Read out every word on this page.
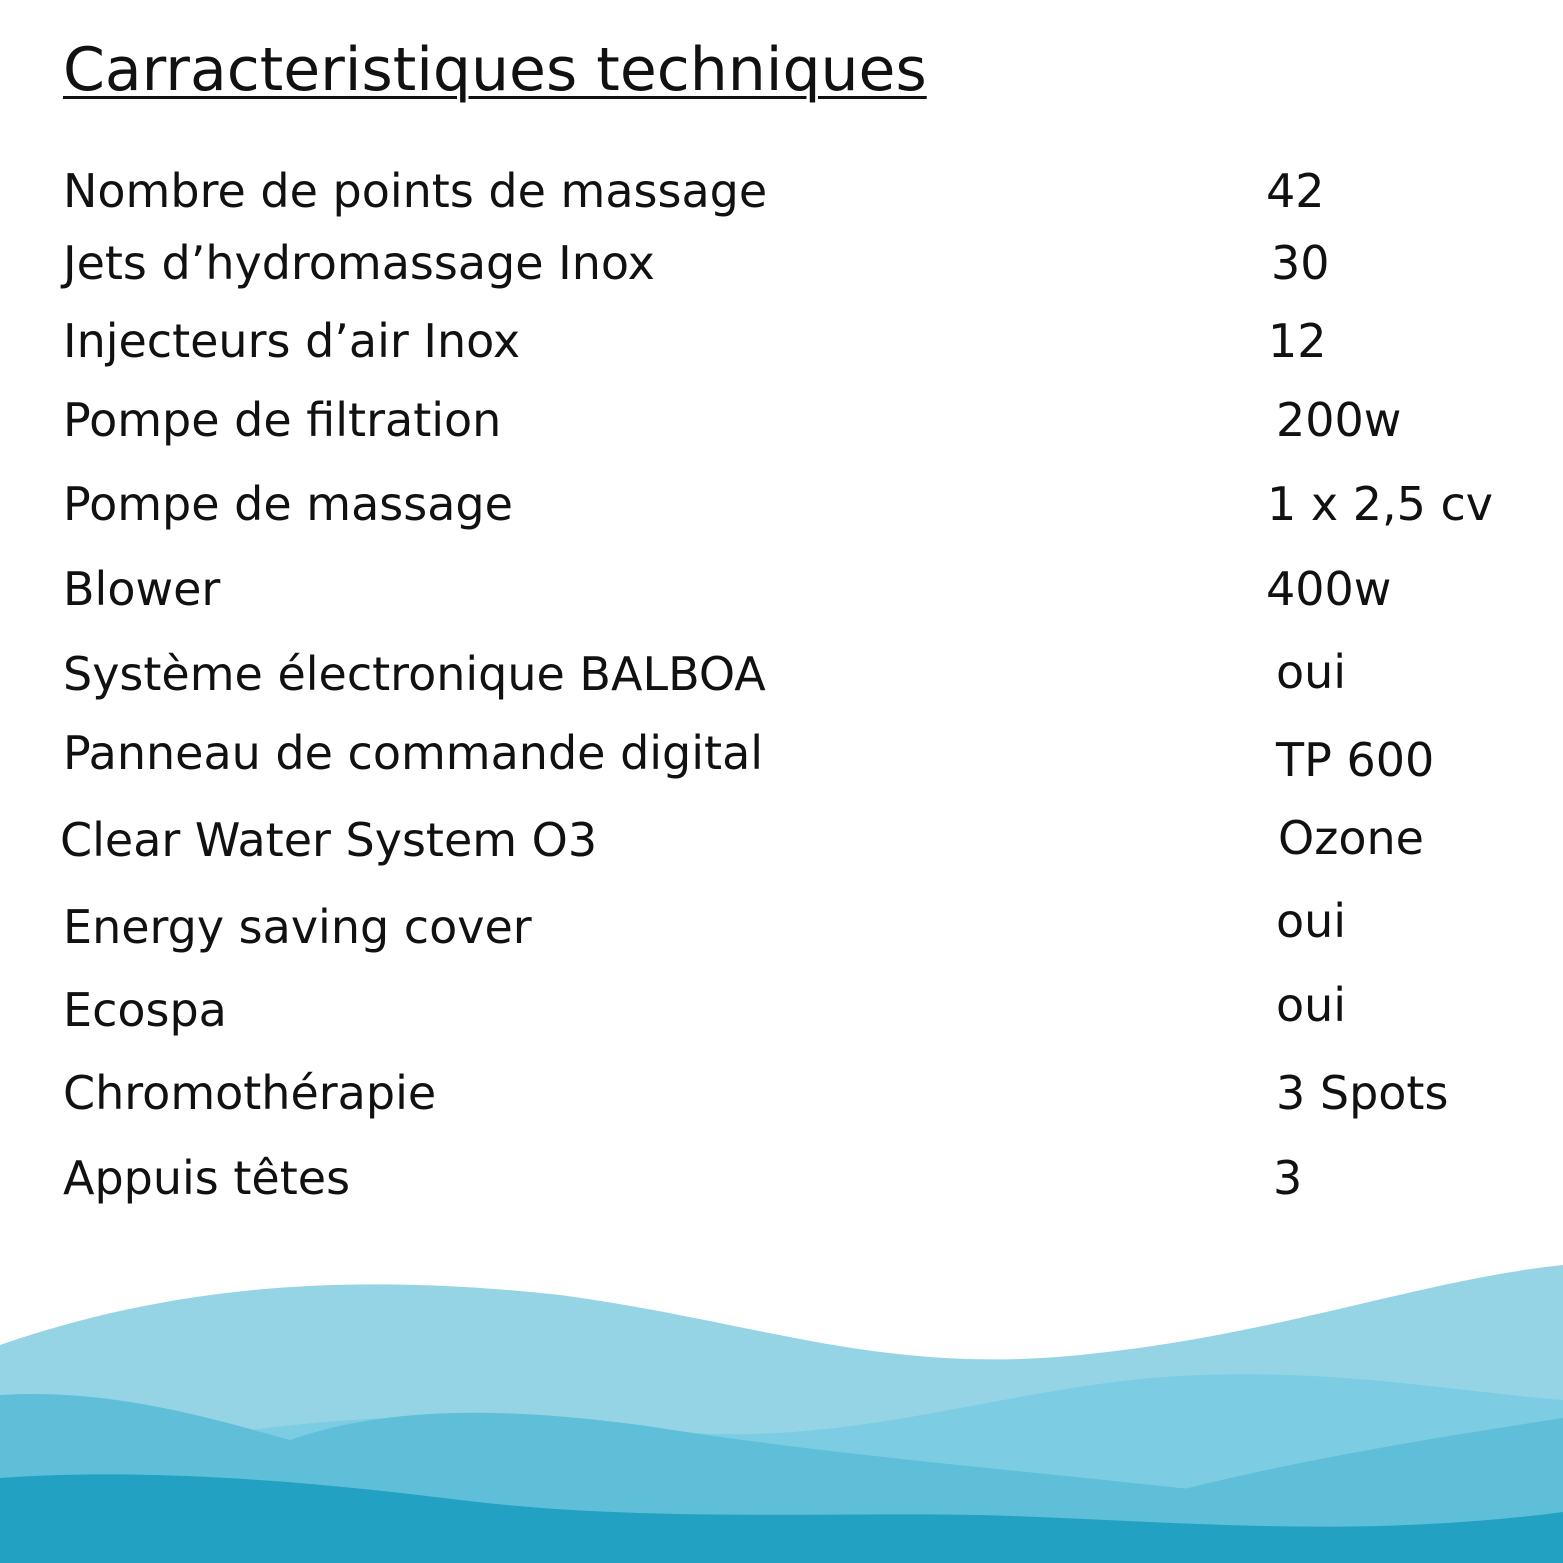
Carracteristiques techniques
Nombre de points de massage	42
Jets d’hydromassage Inox	30
Injecteurs d’air Inox	12
Pompe de filtration	200w
Pompe de massage	1 x 2,5 cv
Blower	400w
Système électronique BALBOA	oui
Panneau de commande digital	TP 600
Clear Water System O3	Ozone
Energy saving cover	oui
Ecospa	oui
Chromothérapie	3 Spots
Appuis têtes	3
